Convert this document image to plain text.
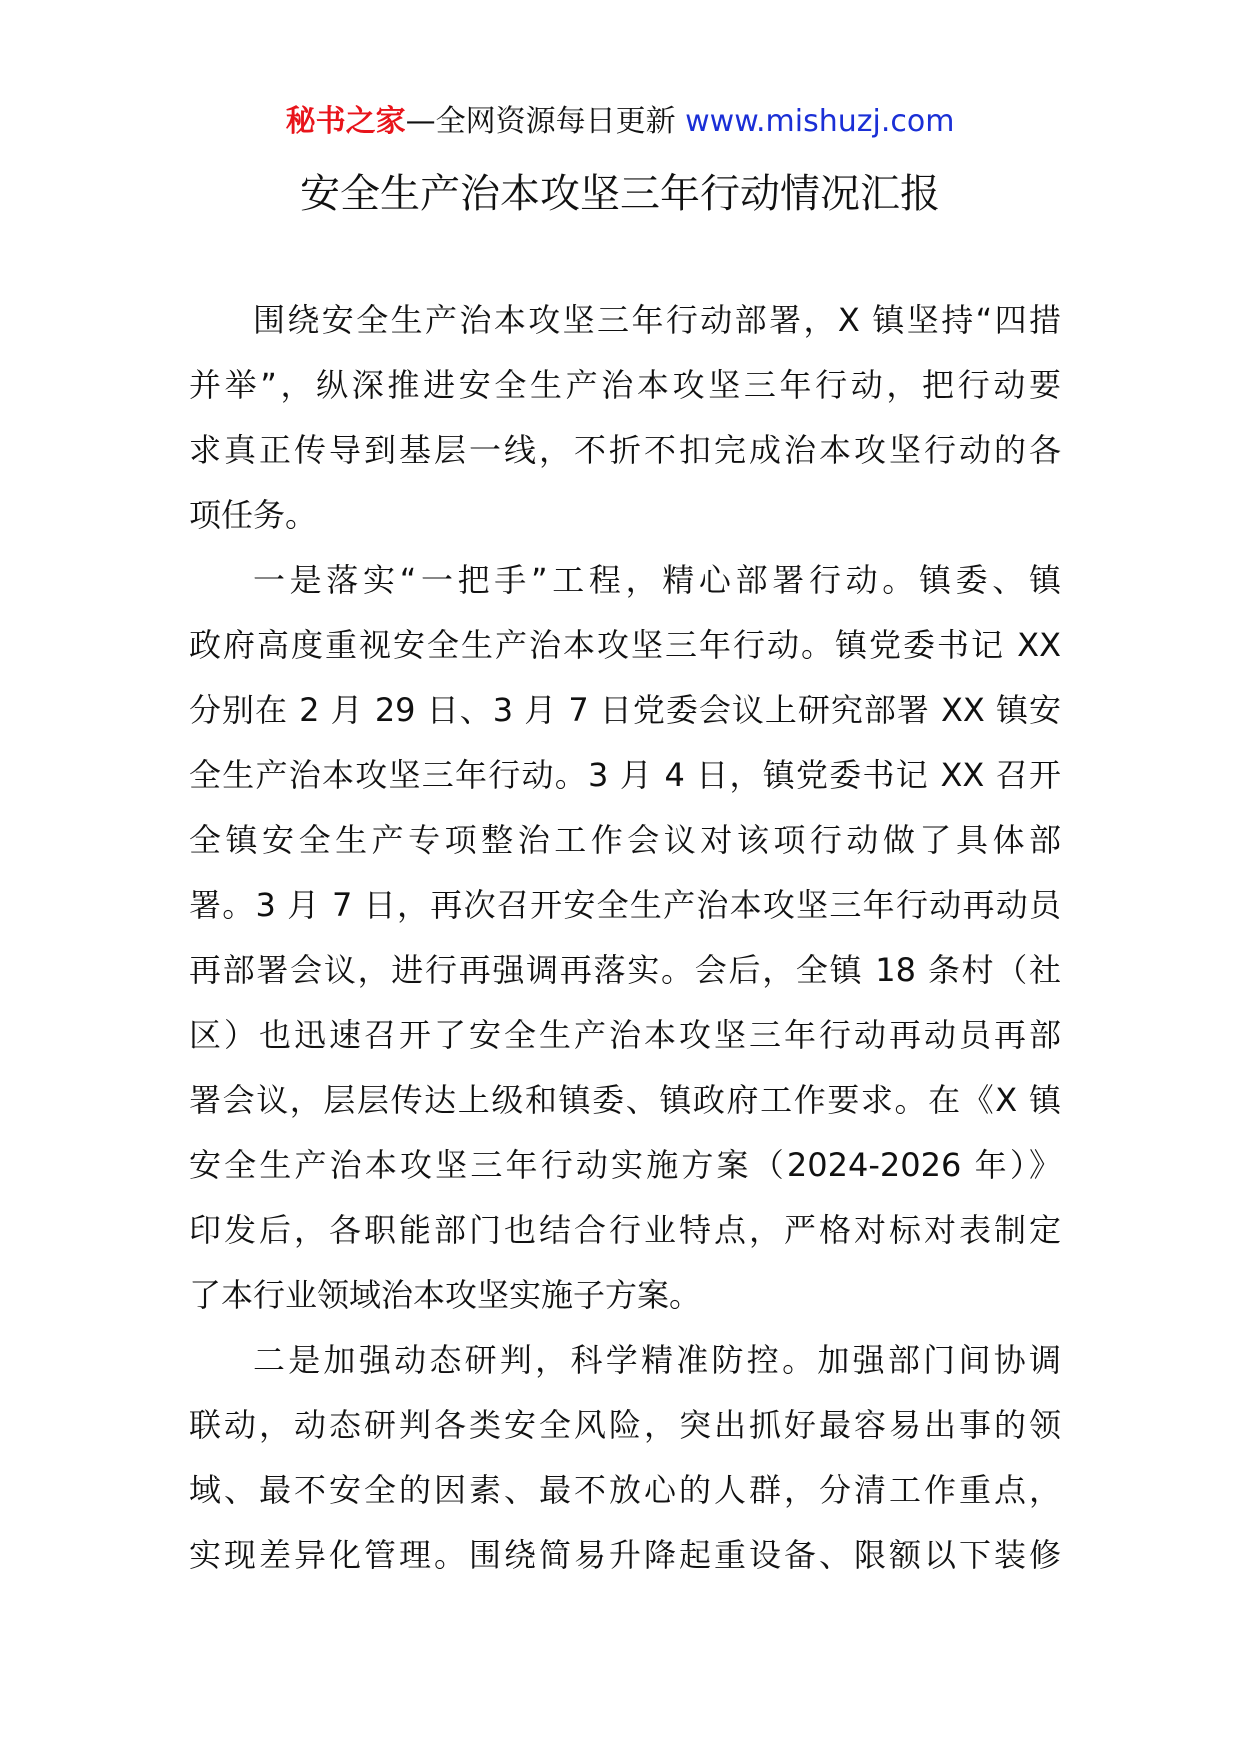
秘书之家—全网资源每日更新 www.mishuzj.com
安全生产治本攻坚三年行动情况汇报

围绕安全生产治本攻坚三年行动部署，X 镇坚持“四措
并举”，纵深推进安全生产治本攻坚三年行动，把行动要
求真正传导到基层一线，不折不扣完成治本攻坚行动的各
项任务。

一是落实“一把手”工程，精心部署行动。镇委、镇
政府高度重视安全生产治本攻坚三年行动。镇党委书记 XX
分别在 2 月 29 日、3 月 7 日党委会议上研究部署 XX 镇安
全生产治本攻坚三年行动。3 月 4 日，镇党委书记 XX 召开
全镇安全生产专项整治工作会议对该项行动做了具体部
署。3 月 7 日，再次召开安全生产治本攻坚三年行动再动员
再部署会议，进行再强调再落实。会后，全镇 18 条村（社
区）也迅速召开了安全生产治本攻坚三年行动再动员再部
署会议，层层传达上级和镇委、镇政府工作要求。在《X 镇
安全生产治本攻坚三年行动实施方案（2024-2026 年）》
印发后，各职能部门也结合行业特点，严格对标对表制定
了本行业领域治本攻坚实施子方案。

二是加强动态研判，科学精准防控。加强部门间协调
联动，动态研判各类安全风险，突出抓好最容易出事的领
域、最不安全的因素、最不放心的人群，分清工作重点，
实现差异化管理。围绕简易升降起重设备、限额以下装修
